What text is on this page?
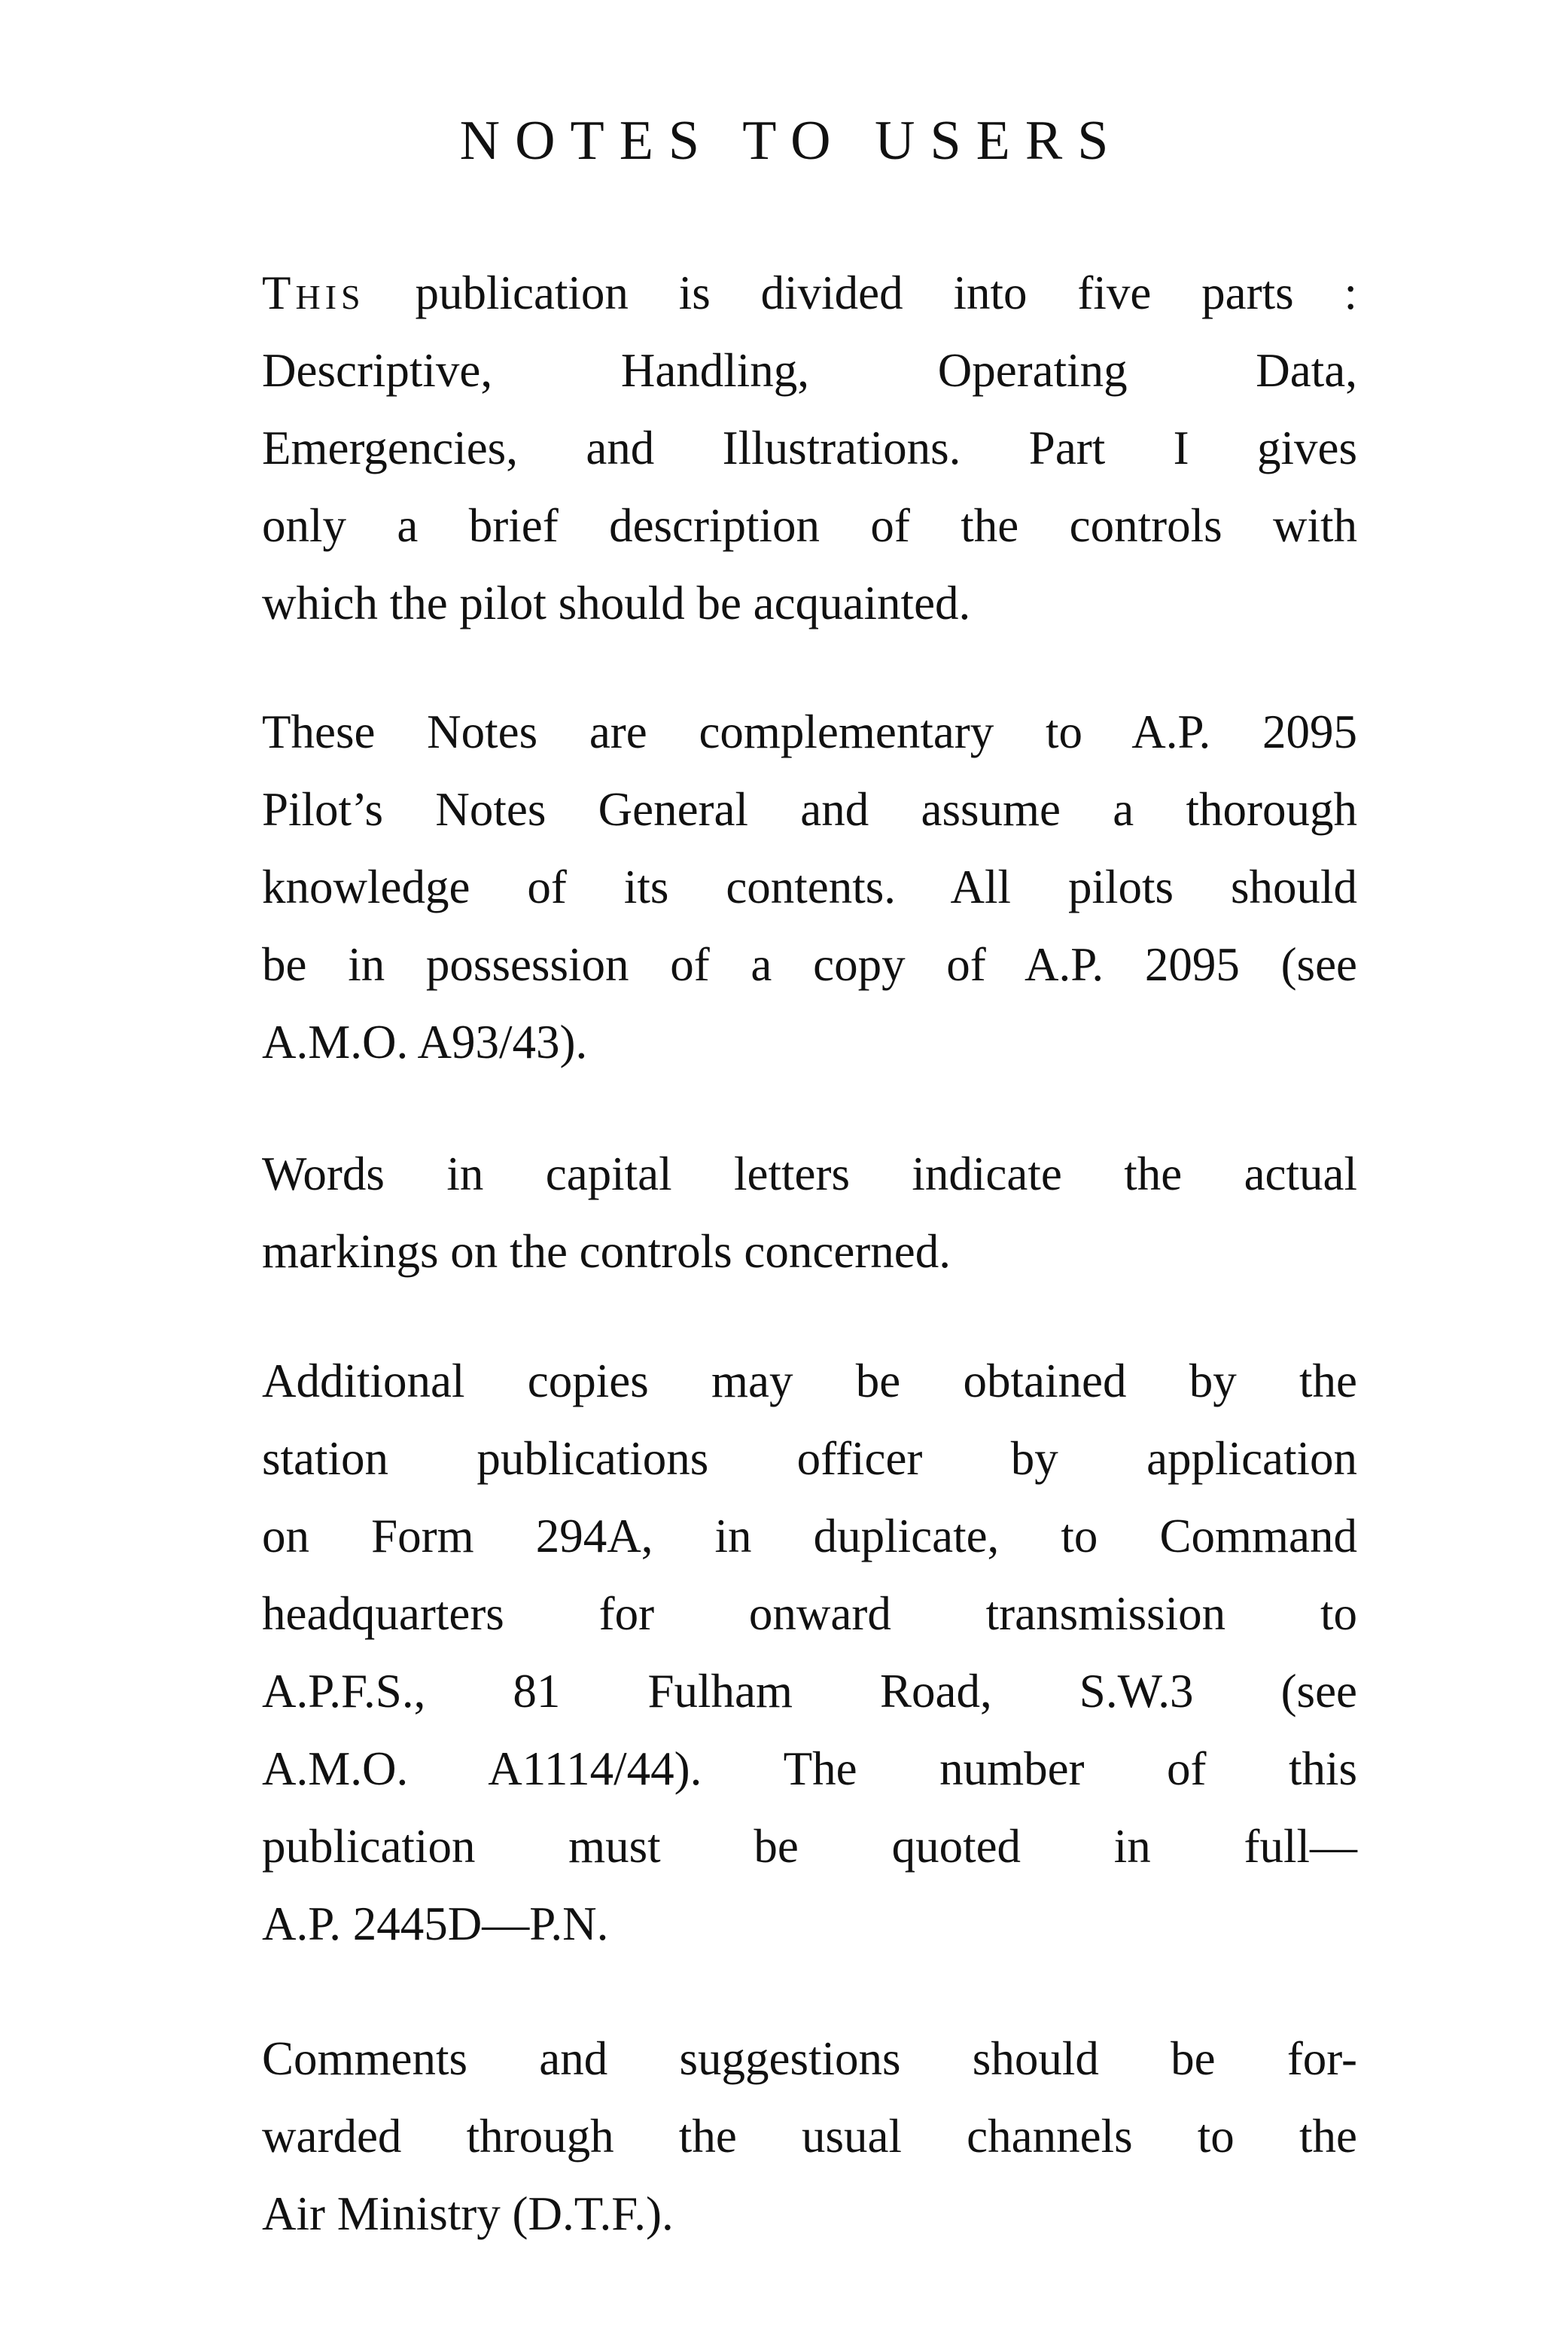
NOTES TO USERS
THIS publication is divided into five parts :
Descriptive, Handling, Operating Data,
Emergencies, and Illustrations. Part I gives
only a brief description of the controls with
which the pilot should be acquainted.
These Notes are complementary to A.P. 2095
Pilot’s Notes General and assume a thorough
knowledge of its contents. All pilots should
be in possession of a copy of A.P. 2095 (see
A.M.O. A93/43).
Words in capital letters indicate the actual
markings on the controls concerned.
Additional copies may be obtained by the
station publications officer by application
on Form 294A, in duplicate, to Command
headquarters for onward transmission to
A.P.F.S., 81 Fulham Road, S.W.3 (see
A.M.O. A1114/44). The number of this
publication must be quoted in full—
A.P. 2445D—P.N.
Comments and suggestions should be for-
warded through the usual channels to the
Air Ministry (D.T.F.).
